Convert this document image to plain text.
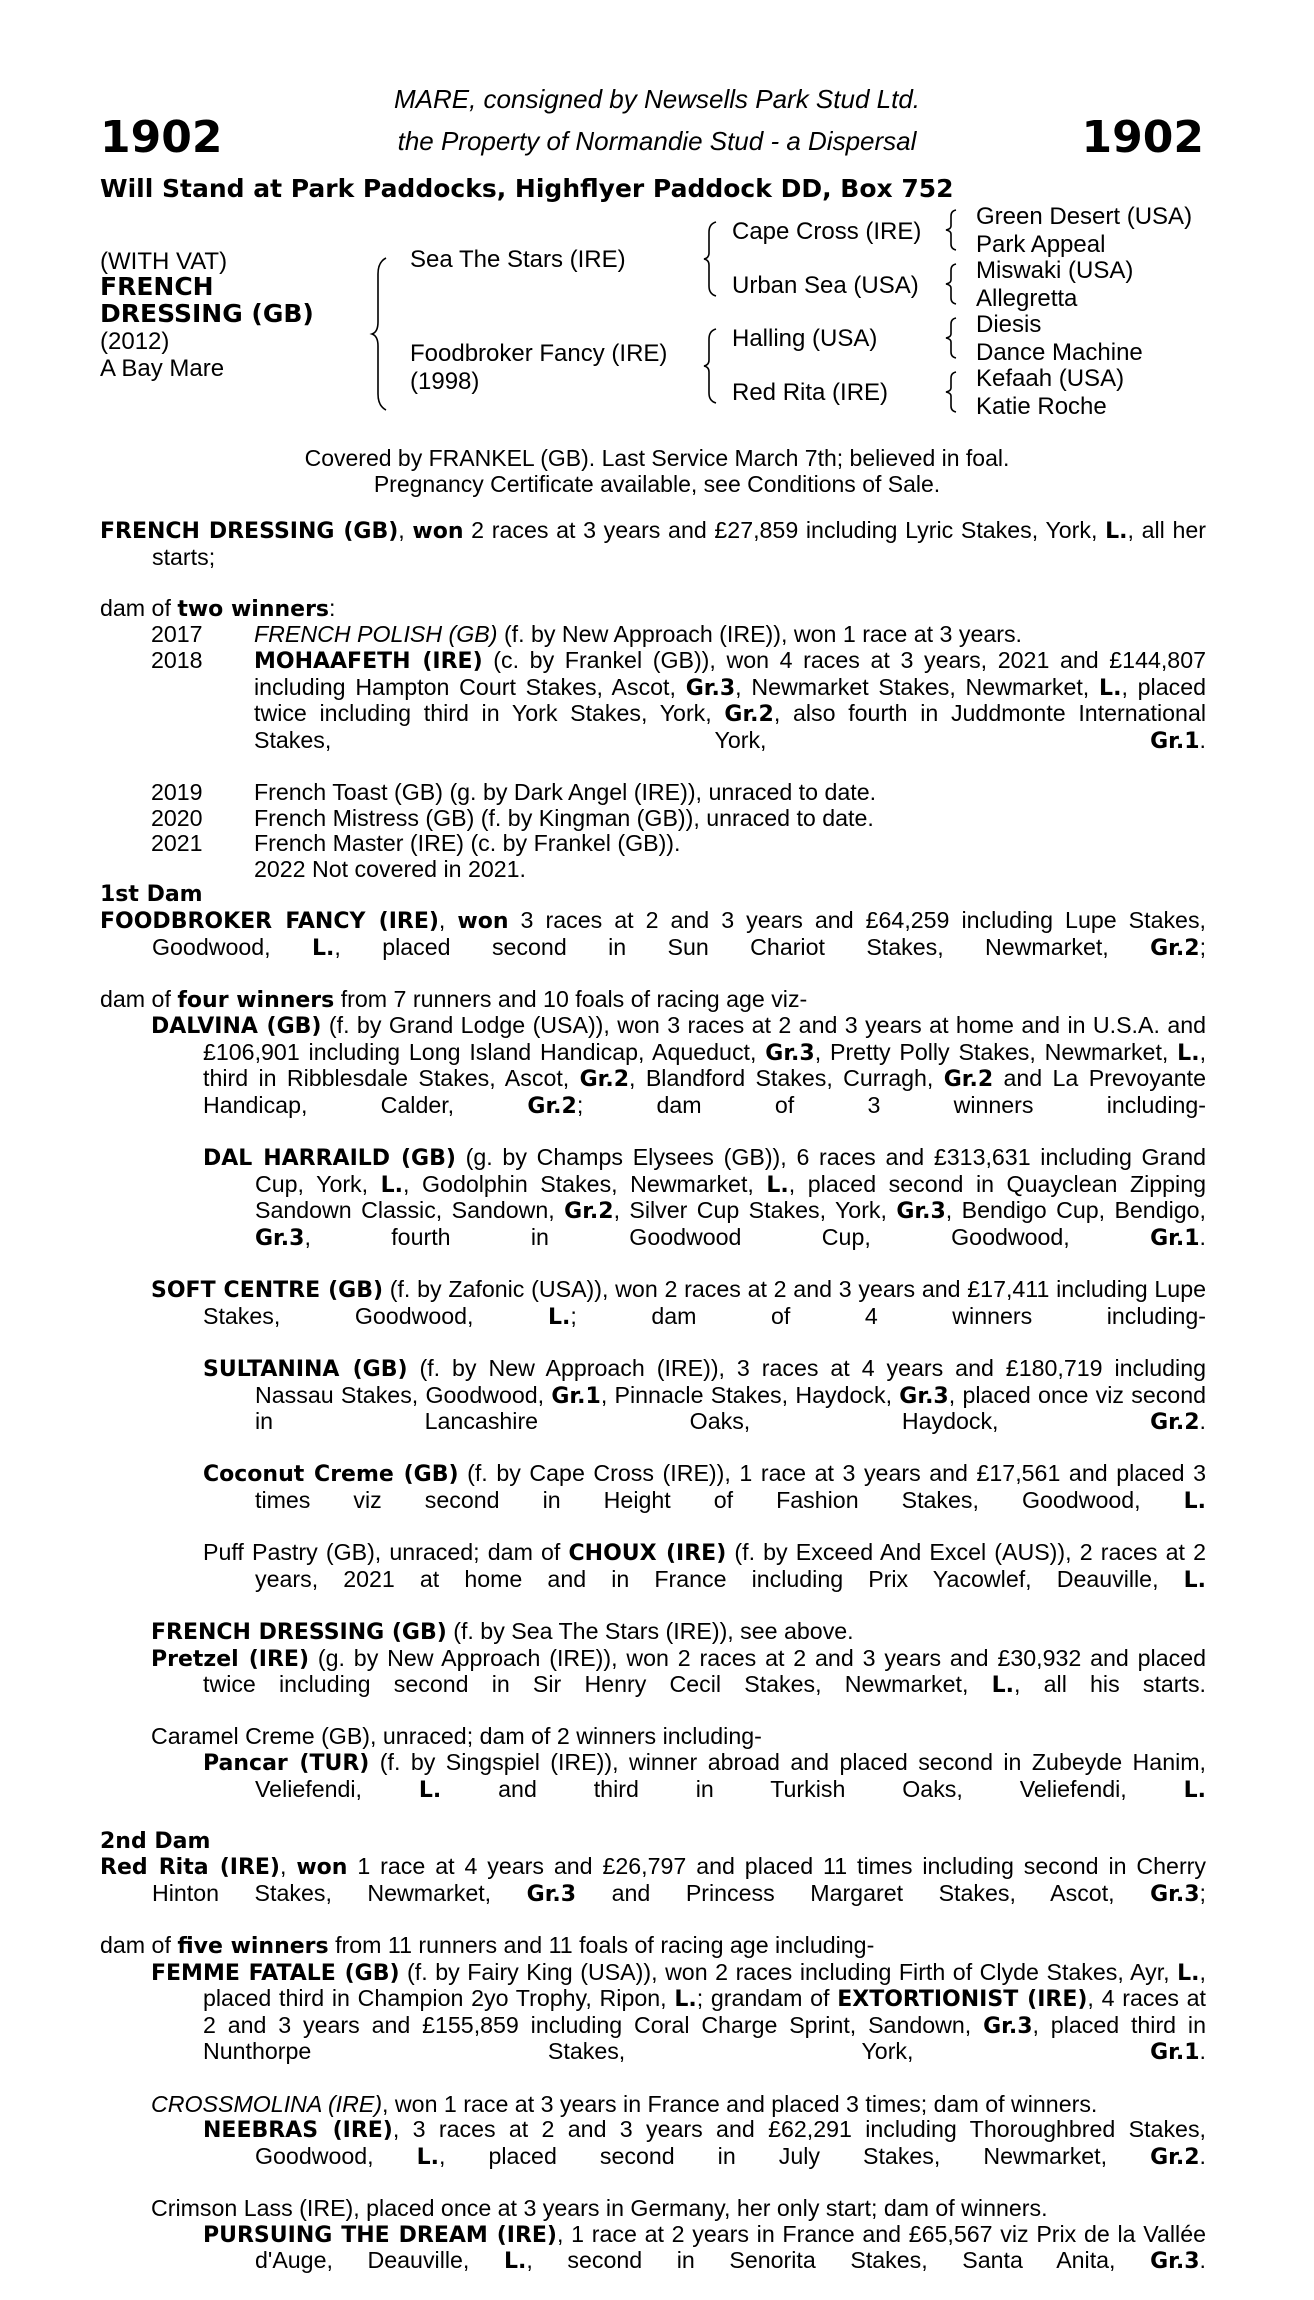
1902	1902
MARE, consigned by Newsells Park Stud Ltd.
the Property of Normandie Stud - a Dispersal
Will Stand at Park Paddocks, Highflyer Paddock DD, Box 752
(WITH VAT)
FRENCH
DRESSING (GB)
(2012)
A Bay Mare
Sea The Stars (IRE)
Foodbroker Fancy (IRE)
(1998)
Cape Cross (IRE)
Urban Sea (USA)
Halling (USA)
Red Rita (IRE)
Green Desert (USA)
Park Appeal
Miswaki (USA)
Allegretta
Diesis
Dance Machine
Kefaah (USA)
Katie Roche
Covered by FRANKEL (GB). Last Service March 7th; believed in foal.
Pregnancy Certificate available, see Conditions of Sale.

FRENCH DRESSING (GB), won 2 races at 3 years and £27,859 including Lyric Stakes, York, L., all her starts;

dam of two winners:

2017 FRENCH POLISH (GB) (f. by New Approach (IRE)), won 1 race at 3 years.

2018 MOHAAFETH (IRE) (c. by Frankel (GB)), won 4 races at 3 years, 2021 and £144,807 including Hampton Court Stakes, Ascot, Gr.3, Newmarket Stakes, Newmarket, L., placed twice including third in York Stakes, York, Gr.2, also fourth in Juddmonte International Stakes, York, Gr.1.

2019 French Toast (GB) (g. by Dark Angel (IRE)), unraced to date.

2020 French Mistress (GB) (f. by Kingman (GB)), unraced to date.

2021 French Master (IRE) (c. by Frankel (GB)).

2022 Not covered in 2021.

1st Dam

FOODBROKER FANCY (IRE), won 3 races at 2 and 3 years and £64,259 including Lupe Stakes, Goodwood, L., placed second in Sun Chariot Stakes, Newmarket, Gr.2;

dam of four winners from 7 runners and 10 foals of racing age viz-

DALVINA (GB) (f. by Grand Lodge (USA)), won 3 races at 2 and 3 years at home and in U.S.A. and £106,901 including Long Island Handicap, Aqueduct, Gr.3, Pretty Polly Stakes, Newmarket, L., third in Ribblesdale Stakes, Ascot, Gr.2, Blandford Stakes, Curragh, Gr.2 and La Prevoyante Handicap, Calder, Gr.2; dam of 3 winners including-

DAL HARRAILD (GB) (g. by Champs Elysees (GB)), 6 races and £313,631 including Grand Cup, York, L., Godolphin Stakes, Newmarket, L., placed second in Quayclean Zipping Sandown Classic, Sandown, Gr.2, Silver Cup Stakes, York, Gr.3, Bendigo Cup, Bendigo, Gr.3, fourth in Goodwood Cup, Goodwood, Gr.1.

SOFT CENTRE (GB) (f. by Zafonic (USA)), won 2 races at 2 and 3 years and £17,411 including Lupe Stakes, Goodwood, L.; dam of 4 winners including-

SULTANINA (GB) (f. by New Approach (IRE)), 3 races at 4 years and £180,719 including Nassau Stakes, Goodwood, Gr.1, Pinnacle Stakes, Haydock, Gr.3, placed once viz second in Lancashire Oaks, Haydock, Gr.2.

Coconut Creme (GB) (f. by Cape Cross (IRE)), 1 race at 3 years and £17,561 and placed 3 times viz second in Height of Fashion Stakes, Goodwood, L.

Puff Pastry (GB), unraced; dam of CHOUX (IRE) (f. by Exceed And Excel (AUS)), 2 races at 2 years, 2021 at home and in France including Prix Yacowlef, Deauville, L.

FRENCH DRESSING (GB) (f. by Sea The Stars (IRE)), see above.

Pretzel (IRE) (g. by New Approach (IRE)), won 2 races at 2 and 3 years and £30,932 and placed twice including second in Sir Henry Cecil Stakes, Newmarket, L., all his starts.

Caramel Creme (GB), unraced; dam of 2 winners including-

Pancar (TUR) (f. by Singspiel (IRE)), winner abroad and placed second in Zubeyde Hanim, Veliefendi, L. and third in Turkish Oaks, Veliefendi, L.

2nd Dam

Red Rita (IRE), won 1 race at 4 years and £26,797 and placed 11 times including second in Cherry Hinton Stakes, Newmarket, Gr.3 and Princess Margaret Stakes, Ascot, Gr.3;

dam of five winners from 11 runners and 11 foals of racing age including-

FEMME FATALE (GB) (f. by Fairy King (USA)), won 2 races including Firth of Clyde Stakes, Ayr, L., placed third in Champion 2yo Trophy, Ripon, L.; grandam of EXTORTIONIST (IRE), 4 races at 2 and 3 years and £155,859 including Coral Charge Sprint, Sandown, Gr.3, placed third in Nunthorpe Stakes, York, Gr.1.

CROSSMOLINA (IRE), won 1 race at 3 years in France and placed 3 times; dam of winners.

NEEBRAS (IRE), 3 races at 2 and 3 years and £62,291 including Thoroughbred Stakes, Goodwood, L., placed second in July Stakes, Newmarket, Gr.2.

Crimson Lass (IRE), placed once at 3 years in Germany, her only start; dam of winners.

PURSUING THE DREAM (IRE), 1 race at 2 years in France and £65,567 viz Prix de la Vallée d'Auge, Deauville, L., second in Senorita Stakes, Santa Anita, Gr.3.
